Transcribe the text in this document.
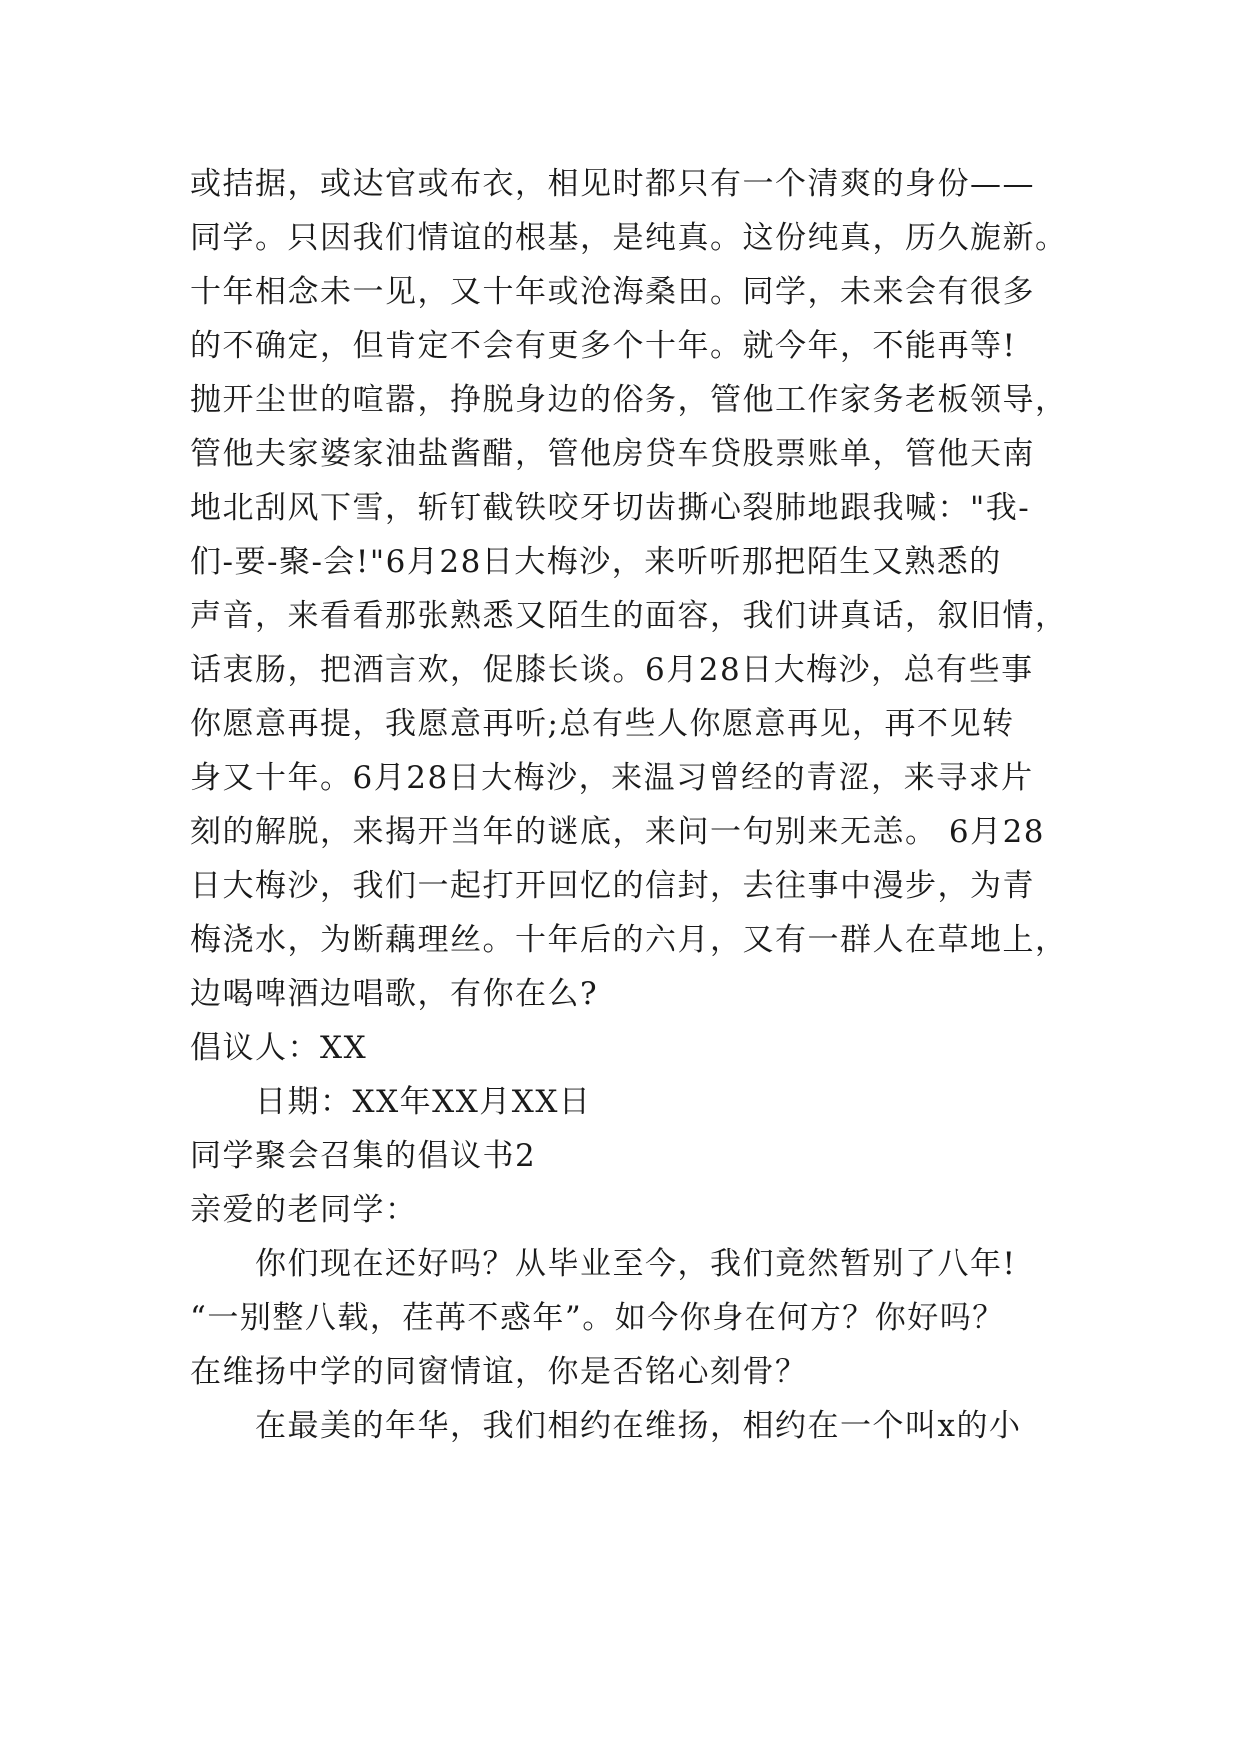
或拮据，或达官或布衣，相见时都只有一个清爽的身份——
同学。只因我们情谊的根基，是纯真。这份纯真，历久旎新。
十年相念未一见，又十年或沧海桑田。同学，未来会有很多
的不确定，但肯定不会有更多个十年。就今年，不能再等!
抛开尘世的喧嚣，挣脱身边的俗务，管他工作家务老板领导，
管他夫家婆家油盐酱醋，管他房贷车贷股票账单，管他天南
地北刮风下雪，斩钉截铁咬牙切齿撕心裂肺地跟我喊："我-
们-要-聚-会!"6月28日大梅沙，来听听那把陌生又熟悉的
声音，来看看那张熟悉又陌生的面容，我们讲真话，叙旧情，
话衷肠，把酒言欢，促膝长谈。6月28日大梅沙，总有些事
你愿意再提，我愿意再听;总有些人你愿意再见，再不见转
身又十年。6月28日大梅沙，来温习曾经的青涩，来寻求片
刻的解脱，来揭开当年的谜底，来问一句别来无恙。 6月28
日大梅沙，我们一起打开回忆的信封，去往事中漫步，为青
梅浇水，为断藕理丝。十年后的六月，又有一群人在草地上，
边喝啤酒边唱歌，有你在么?
倡议人：XX
日期：XX年XX月XX日
同学聚会召集的倡议书2
亲爱的老同学：
你们现在还好吗？从毕业至今，我们竟然暂别了八年!
“一别整八载，荏苒不惑年”。如今你身在何方？你好吗？
在维扬中学的同窗情谊，你是否铭心刻骨？
在最美的年华，我们相约在维扬，相约在一个叫x的小
